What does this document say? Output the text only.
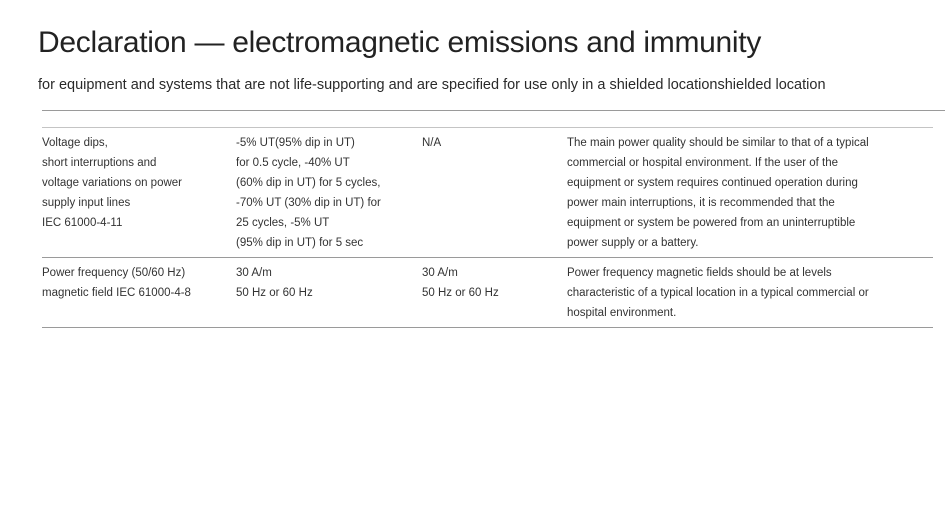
Declaration — electromagnetic emissions and immunity

for equipment and systems that are not life-supporting and are specified for use only in a shielded locationshielded location

Voltage dips,
short interruptions and
voltage variations on power
supply input lines
IEC 61000-4-11
-5% UT(95% dip in UT)
for 0.5 cycle, -40% UT
(60% dip in UT) for 5 cycles,
-70% UT (30% dip in UT) for
25 cycles, -5% UT
(95% dip in UT) for 5 sec
N/A	The main power quality should be similar to that of a typical
commercial or hospital environment. If the user of the
equipment or system requires continued operation during
power main interruptions, it is recommended that the
equipment or system be powered from an uninterruptible
power supply or a battery.
Power frequency (50/60 Hz)
magnetic field IEC 61000-4-8
30 A/m
50 Hz or 60 Hz
30 A/m
50 Hz or 60 Hz
Power frequency magnetic fields should be at levels
characteristic of a typical location in a typical commercial or
hospital environment.
